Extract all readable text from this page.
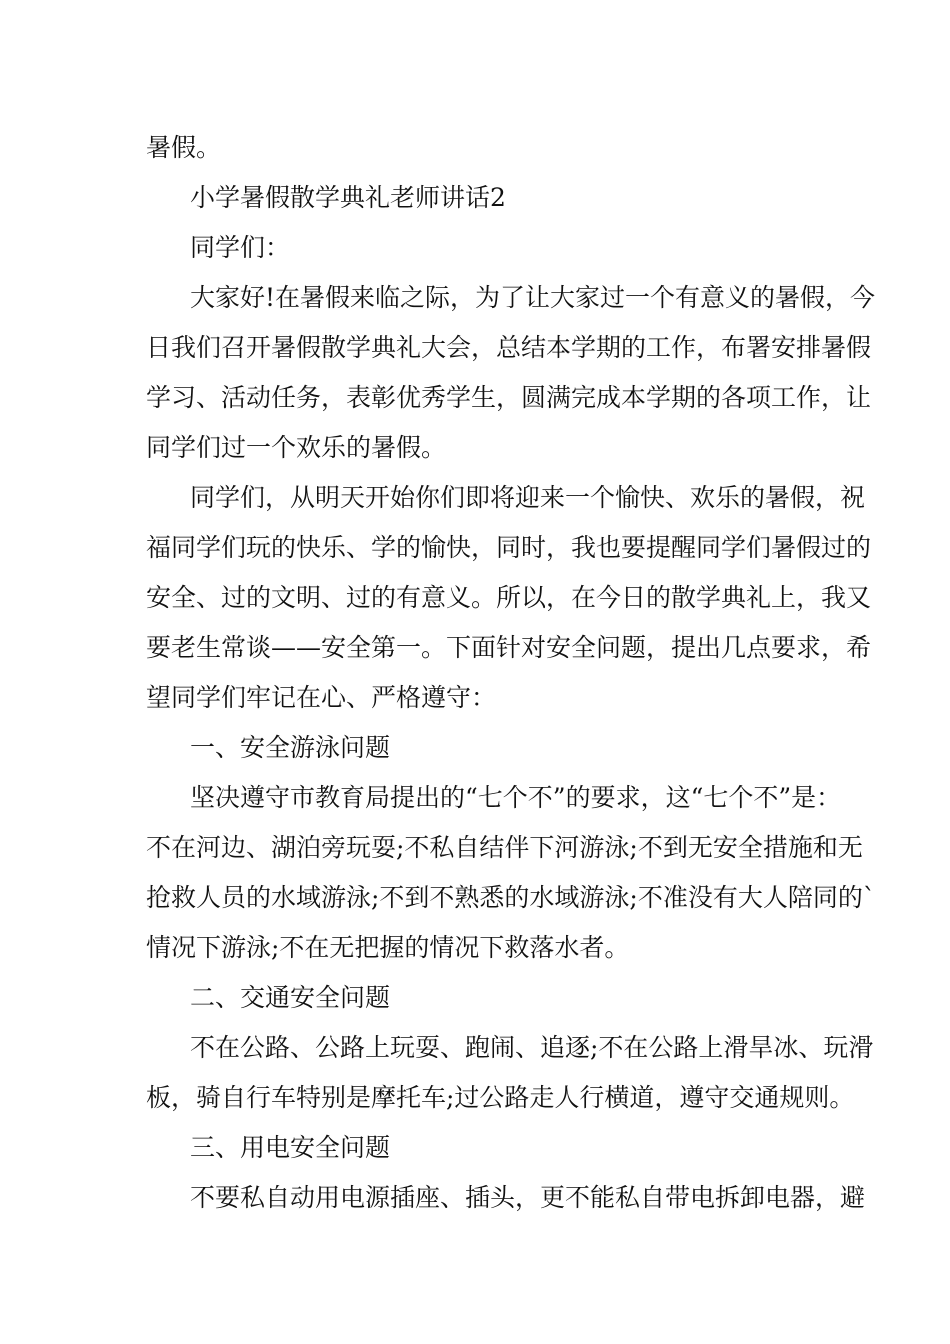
暑假。
小学暑假散学典礼老师讲话2
同学们：
大家好!在暑假来临之际，为了让大家过一个有意义的暑假，今
日我们召开暑假散学典礼大会，总结本学期的工作，布署安排暑假
学习、活动任务，表彰优秀学生，圆满完成本学期的各项工作，让
同学们过一个欢乐的暑假。
同学们，从明天开始你们即将迎来一个愉快、欢乐的暑假，祝
福同学们玩的快乐、学的愉快，同时，我也要提醒同学们暑假过的
安全、过的文明、过的有意义。所以，在今日的散学典礼上，我又
要老生常谈——安全第一。下面针对安全问题，提出几点要求，希
望同学们牢记在心、严格遵守：
一、安全游泳问题
坚决遵守市教育局提出的“七个不”的要求，这“七个不”是：
不在河边、湖泊旁玩耍;不私自结伴下河游泳;不到无安全措施和无
抢救人员的水域游泳;不到不熟悉的水域游泳;不准没有大人陪同的`
情况下游泳;不在无把握的情况下救落水者。
二、交通安全问题
不在公路、公路上玩耍、跑闹、追逐;不在公路上滑旱冰、玩滑
板，骑自行车特别是摩托车;过公路走人行横道，遵守交通规则。
三、用电安全问题
不要私自动用电源插座、插头，更不能私自带电拆卸电器，避
